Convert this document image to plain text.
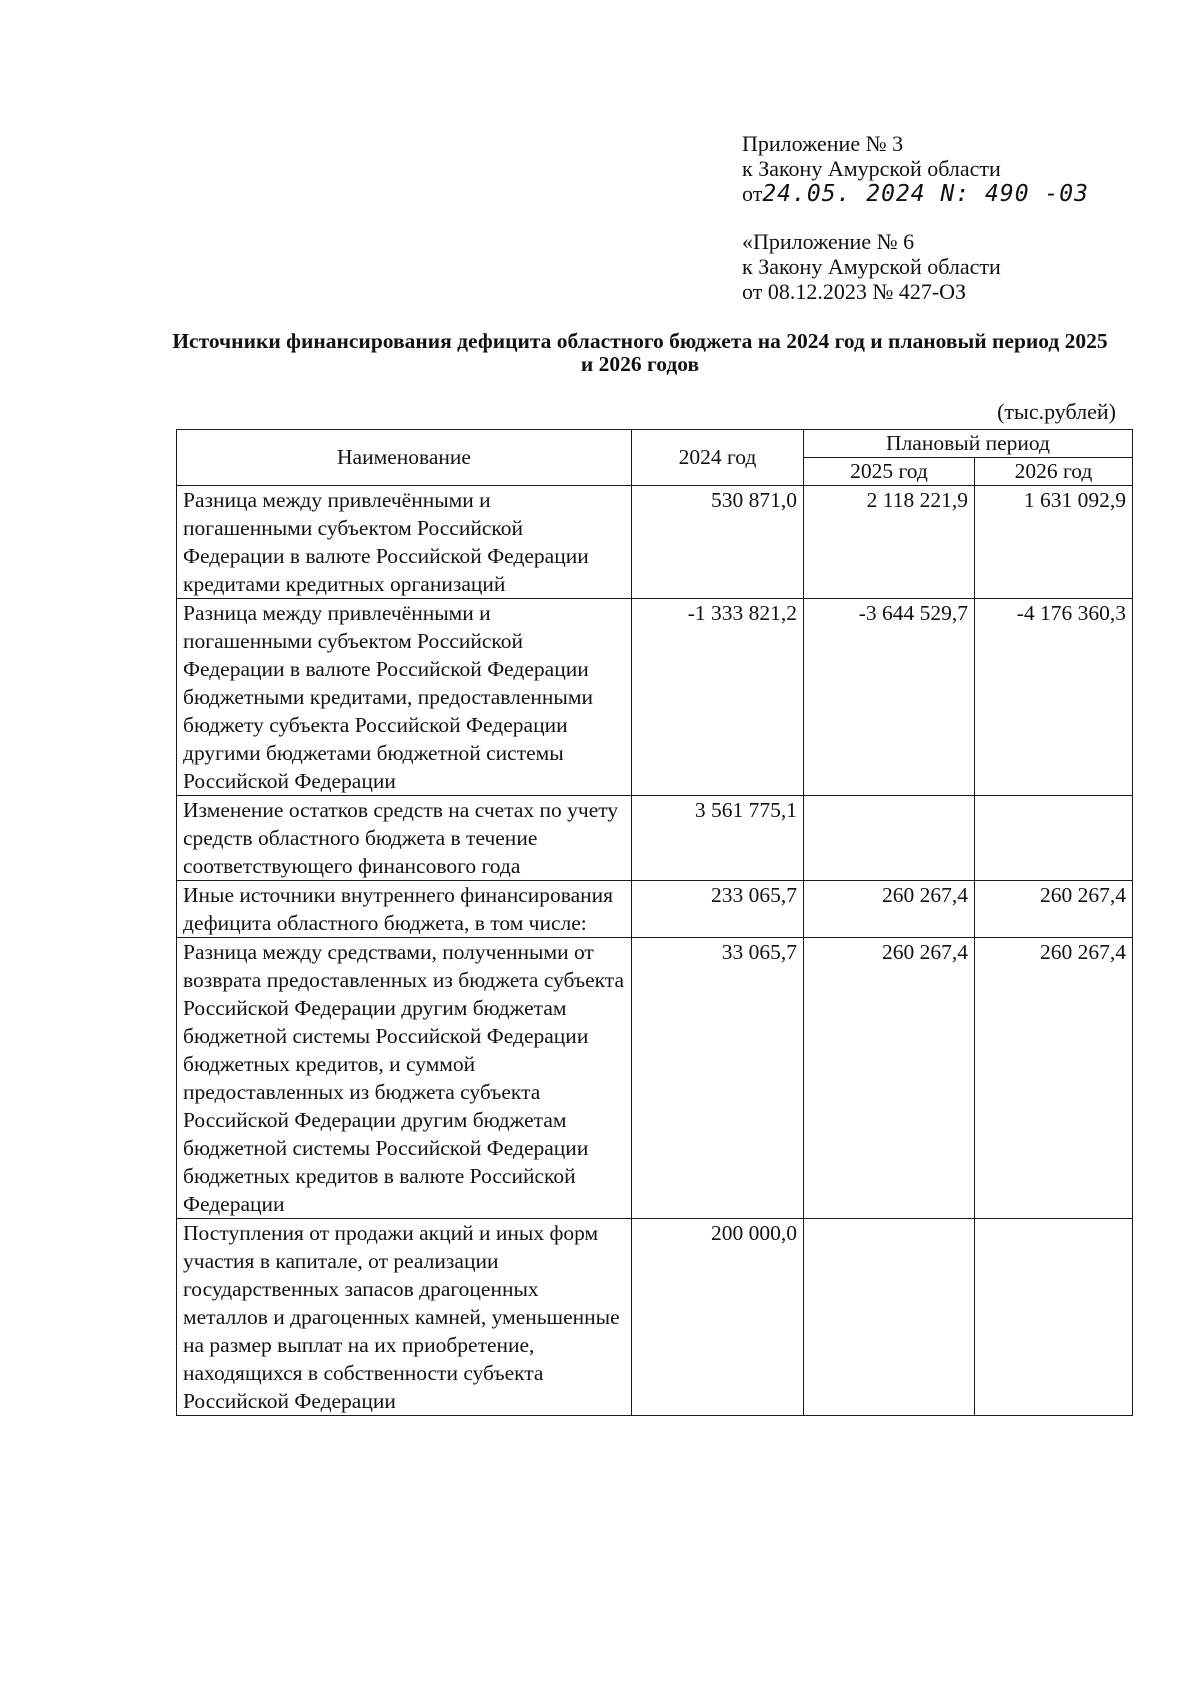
Приложение № 3
к Закону Амурской области
от24.05. 2024 N: 490 -03
«Приложение № 6
к Закону Амурской области
от 08.12.2023 № 427-ОЗ
Источники финансирования дефицита областного бюджета на 2024 год и плановый период 2025 и 2026 годов
(тыс.рублей)
Наименование	2024 год	Плановый период	
		2025 год	2026 год
Разница между привлечёнными и погашенными субъектом Российской Федерации в валюте Российской Федерации кредитами кредитных организаций	530 871,0	2 118 221,9	1 631 092,9
Разница между привлечёнными и погашенными субъектом Российской Федерации в валюте Российской Федерации бюджетными кредитами, предоставленными бюджету субъекта Российской Федерации другими бюджетами бюджетной системы Российской Федерации	-1 333 821,2	-3 644 529,7	-4 176 360,3
Изменение остатков средств на счетах по учету средств областного бюджета в течение соответствующего финансового года	3 561 775,1		
Иные источники внутреннего финансирования дефицита областного бюджета, в том числе:	233 065,7	260 267,4	260 267,4
Разница между средствами, полученными от возврата предоставленных из бюджета субъекта Российской Федерации другим бюджетам бюджетной системы Российской Федерации бюджетных кредитов, и суммой предоставленных из бюджета субъекта Российской Федерации другим бюджетам бюджетной системы Российской Федерации бюджетных кредитов в валюте Российской Федерации	33 065,7	260 267,4	260 267,4
Поступления от продажи акций и иных форм участия в капитале, от реализации государственных запасов драгоценных металлов и драгоценных камней, уменьшенные на размер выплат на их приобретение, находящихся в собственности субъекта Российской Федерации	200 000,0		
